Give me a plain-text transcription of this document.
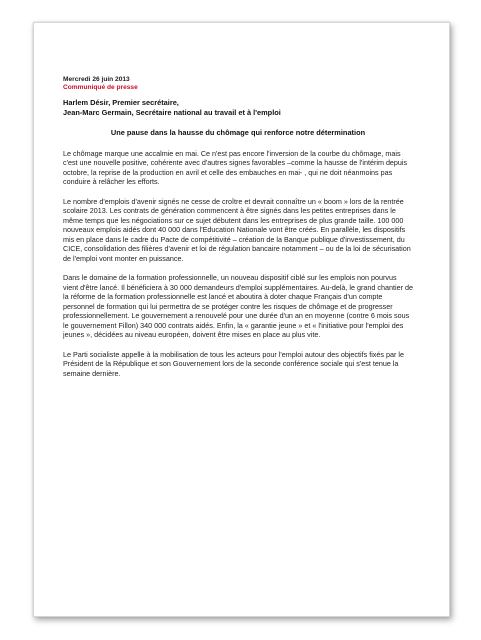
Mercredi 26 juin 2013
Communiqué de presse
Harlem Désir, Premier secrétaire,
Jean-Marc Germain, Secrétaire national au travail et à l'emploi
Une pause dans la hausse du chômage qui renforce notre détermination

Le chômage marque une accalmie en mai. Ce n'est pas encore l'inversion de la courbe du chômage, mais c'est une nouvelle positive, cohérente avec d'autres signes favorables –comme la hausse de l'intérim depuis octobre, la reprise de la production en avril et celle des embauches en mai- , qui ne doit néanmoins pas conduire à relâcher les efforts.

Le nombre d'emplois d'avenir signés ne cesse de croître et devrait connaître un « boom » lors de la rentrée scolaire 2013. Les contrats de génération commencent à être signés dans les petites entreprises dans le même temps que les négociations sur ce sujet débutent dans les entreprises de plus grande taille. 100 000 nouveaux emplois aidés dont 40 000 dans l'Education Nationale vont être créés. En parallèle, les dispositifs mis en place dans le cadre du Pacte de compétitivité – création de la Banque publique d'investissement, du CICE, consolidation des filières d'avenir et loi de régulation bancaire notamment – ou de la loi de sécurisation de l'emploi vont monter en puissance.

Dans le domaine de la formation professionnelle, un nouveau dispositif ciblé sur les emplois non pourvus vient d'être lancé. Il bénéficiera à 30 000 demandeurs d'emploi supplémentaires. Au-delà, le grand chantier de la réforme de la formation professionnelle est lancé et aboutira à doter chaque Français d'un compte personnel de formation qui lui permettra de se protéger contre les risques de chômage et de progresser professionnellement. Le gouvernement a renouvelé pour une durée d'un an en moyenne (contre 6 mois sous le gouvernement Fillon) 340 000 contrats aidés. Enfin, la « garantie jeune » et « l'initiative pour l'emploi des jeunes », décidées au niveau européen, doivent être mises en place au plus vite.

Le Parti socialiste appelle à la mobilisation de tous les acteurs pour l'emploi autour des objectifs fixés par le Président de la République et son Gouvernement lors de la seconde conférence sociale qui s'est tenue la semaine dernière.
